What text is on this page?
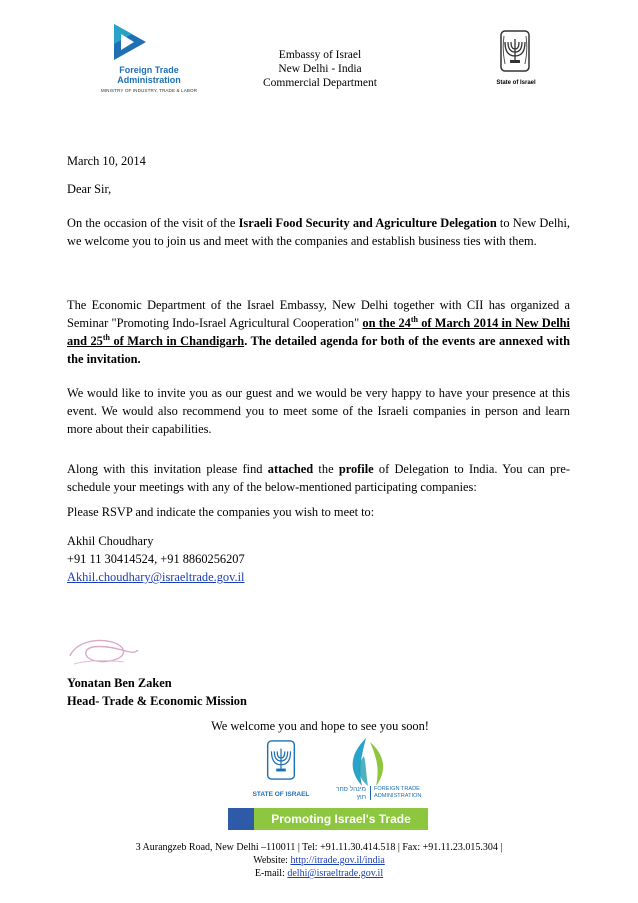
Foreign Trade
Administration
MINISTRY OF INDUSTRY, TRADE & LABOR
Embassy of Israel
New Delhi - India
Commercial Department	State of Israel
March 10, 2014
Dear Sir,
On the occasion of the visit of the Israeli Food Security and Agriculture Delegation to New Delhi, we welcome you to join us and meet with the companies and establish business ties with them.
The Economic Department of the Israel Embassy, New Delhi together with CII has organized a Seminar "Promoting Indo-Israel Agricultural Cooperation" on the 24th of March 2014 in New Delhi and 25th of March in Chandigarh. The detailed agenda for both of the events are annexed with the invitation.
We would like to invite you as our guest and we would be very happy to have your presence at this event. We would also recommend you to meet some of the Israeli companies in person and learn more about their capabilities.
Along with this invitation please find attached the profile of Delegation to India. You can pre-schedule your meetings with any of the below-mentioned participating companies:
Please RSVP and indicate the companies you wish to meet to:
Akhil Choudhary
+91 11 30414524, +91 8860256207
Akhil.choudhary@israeltrade.gov.il
Yonatan Ben Zaken
Head- Trade & Economic Mission
We welcome you and hope to see you soon!
STATE OF ISRAEL
מינהל סחר חוץ
FOREIGN TRADE
ADMINISTRATION
Promoting Israel's Trade
3 Aurangzeb Road, New Delhi –110011 | Tel: +91.11.30.414.518 | Fax: +91.11.23.015.304 |
Website: http://itrade.gov.il/india
E-mail: delhi@israeltrade.gov.il
